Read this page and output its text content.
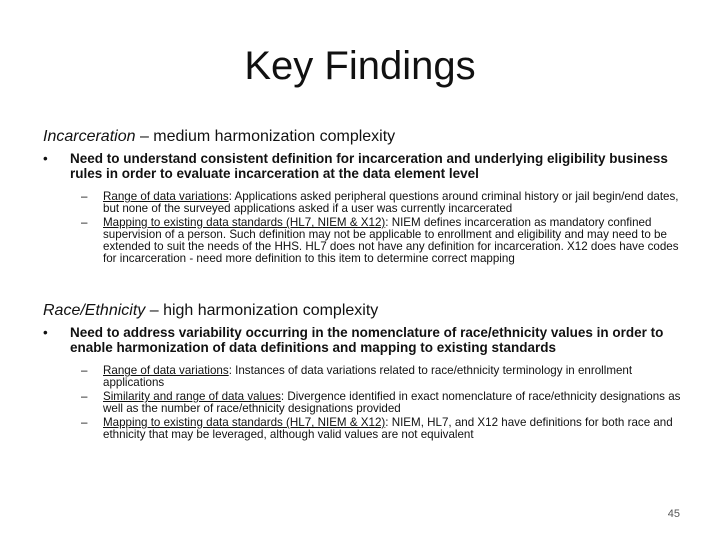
Key Findings
Incarceration – medium harmonization complexity
• Need to understand consistent definition for incarceration and underlying eligibility business rules in order to evaluate incarceration at the data element level
– Range of data variations: Applications asked peripheral questions around criminal history or jail begin/end dates, but none of the surveyed applications asked if a user was currently incarcerated
– Mapping to existing data standards (HL7, NIEM & X12): NIEM defines incarceration as mandatory confined supervision of a person. Such definition may not be applicable to enrollment and eligibility and may need to be extended to suit the needs of the HHS. HL7 does not have any definition for incarceration. X12 does have codes for incarceration - need more definition to this item to determine correct mapping
Race/Ethnicity – high harmonization complexity
• Need to address variability occurring in the nomenclature of race/ethnicity values in order to enable harmonization of data definitions and mapping to existing standards
– Range of data variations: Instances of data variations related to race/ethnicity terminology in enrollment applications
– Similarity and range of data values: Divergence identified in exact nomenclature of race/ethnicity designations as well as the number of race/ethnicity designations provided
– Mapping to existing data standards (HL7, NIEM & X12): NIEM, HL7, and X12 have definitions for both race and ethnicity that may be leveraged, although valid values are not equivalent
45
